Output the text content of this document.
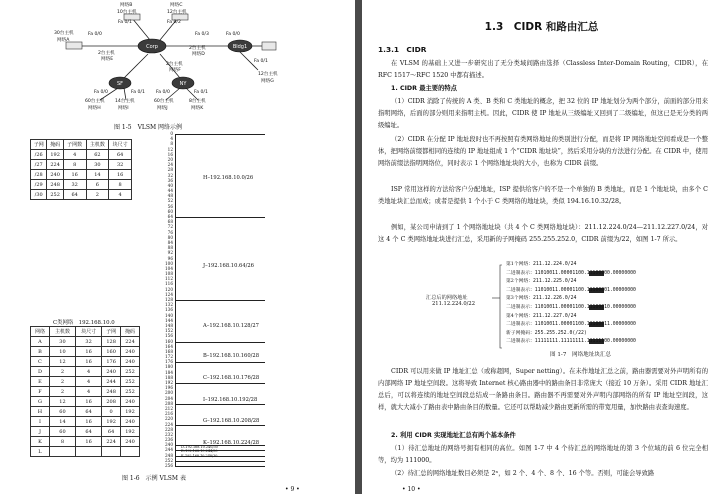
Corp	Bldg1
SF	NY
网络B
10台主机
网络C
12台主机
Fa 0/1	Fa 0/2
30台主机
网络A
Fa 0/0	Fa 0/3
2台主机
网络D
Fa 0/0
2台主机
网络E
2台主机
网络F
Fa 0/1
12台主机
网络G
Fa 0/0	Fa 0/1 Fa 0/0	Fa 0/1
60台主机 14台主机	60台主机	8台主机
网络H	网络I	网络J	网络K
图 1-5　VLSM 网络示例
子网	掩码	子网数	主机数	块尺寸
/26	192	4	62	64
/27	224	8	30	32
/28	240	16	14	16
/29	248	32	6	8
/30	252	64	2	4
C类网络　192.168.10.0
网络	主机数	块尺寸	子网	掩码
A	30	32	128	224
B	10	16	160	240
C	12	16	176	240
D	2	4	240	252
E	2	4	244	252
F	2	4	248	252
G	12	16	208	240
H	60	64	0	192
I	14	16	192	240
J	60	64	64	192
K	8	16	224	240
L				
0
4
8
12
16
20
24
28
32
36
40
44
48
52
56
60
64
68
72
76
80
84
88
92
96
100
104
108
112
116
120
124
128
132
136
140
144
148
152
156
160
164
168
172
176
180
184
188
192
196
200
204
208
212
216
220
224
228
232
236
240
244
248
252
256
H–192.168.10.0/26
J–192.168.10.64/26
A–192.168.10.128/27
B–192.168.10.160/28
C–192.168.10.176/28
I–192.168.10.192/28
G–192.168.10.208/28
K–192.168.10.224/28
D–192.168.10.240/30
E–192.168.10.244/30
F–192.168.10.248/30
图 1-6　示例 VLSM 表
• 9 •
1.3　CIDR 和路由汇总
1.3.1　CIDR
在 VLSM 的基础上又进一步研究出了无分类域间路由选择（Classless Inter-Domain Routing，CIDR），在 RFC 1517～RFC 1520 中都有描述。
1. CIDR 最主要的特点
（1）CIDR 消除了传统的 A 类、B 类和 C 类地址的概念，把 32 位的 IP 地址划分为两个部分，前面的部分用来指明网络，后面的部分则用来指明主机。因此，CIDR 使 IP 地址从三级编址又回到了二级编址，但这已是无分类的两级编址。
（2）CIDR 在分配 IP 地址段时也不再按照有类网络地址的类别进行分配，而是将 IP 网络地址空间看成是一个整体，把网络前缀都相同的连续的 IP 地址组成 1 个“CIDR 地址块”，然后采用分块的方法进行分配。在 CIDR 中，使用网络前缀法指明网络位，同时表示 1 个网络地址块的大小，也称为 CIDR 前缀。
ISP 常用这样的方法给客户分配地址，ISP 提供给客户的不是一个单独的 B 类地址，而是 1 个地址块，由多个 C 类地址块汇总而成；或者是提供 1 个小于 C 类网络的地址块，类似 194.16.10.32/28。
例如，某公司申请到了 1 个网络地址块（共 4 个 C 类网络地址块）：211.12.224.0/24—211.12.227.0/24，对这 4 个 C 类网络地址块进行汇总，采用新的子网掩码 255.255.252.0，CIDR 前缀为/22，如图 1-7 所示。
汇总后的网络地址
211.12.224.0/22
第1个网络：211.12.224.0/24
二进制表示：11010011.00001100.11100000.00000000
第2个网络：211.12.225.0/24
二进制表示：11010011.00001100.11100001.00000000
第3个网络：211.12.226.0/24
二进制表示：11010011.00001100.11100010.00000000
第4个网络：211.12.227.0/24
二进制表示：11010011.00001100.11100011.00000000
新子网掩码：255.255.252.0(/22)
二进制表示：11111111.11111111.11111100.00000000
图 1-7　网络地址块汇总
CIDR 可以用来做 IP 地址汇总（或称超网，Super netting）。在未作地址汇总之前，路由器需要对外声明所有的内部网络 IP 地址空间段。这将导致 Internet 核心路由器中的路由条目非常庞大（接近 10 万条）。采用 CIDR 地址汇总后，可以将连续的地址空间段总结成一条路由条目。路由器不再需要对外声明内部网络的所有 IP 地址空间段，这样，就大大减小了路由表中路由条目的数量。它还可以帮助减少路由更新所需的带宽用量，加快路由表查询速度。
2. 利用 CIDR 实现地址汇总有两个基本条件
（1）待汇总地址的网络号拥有相同的高位。如图 1-7 中 4 个待汇总的网络地址的第 3 个位域的前 6 位完全相等，均为 111000。
（2）待汇总的网络地址数目必须是 2ⁿ，如 2 个、4 个、8 个、16 个等。否则，可能会导致路
• 10 •
